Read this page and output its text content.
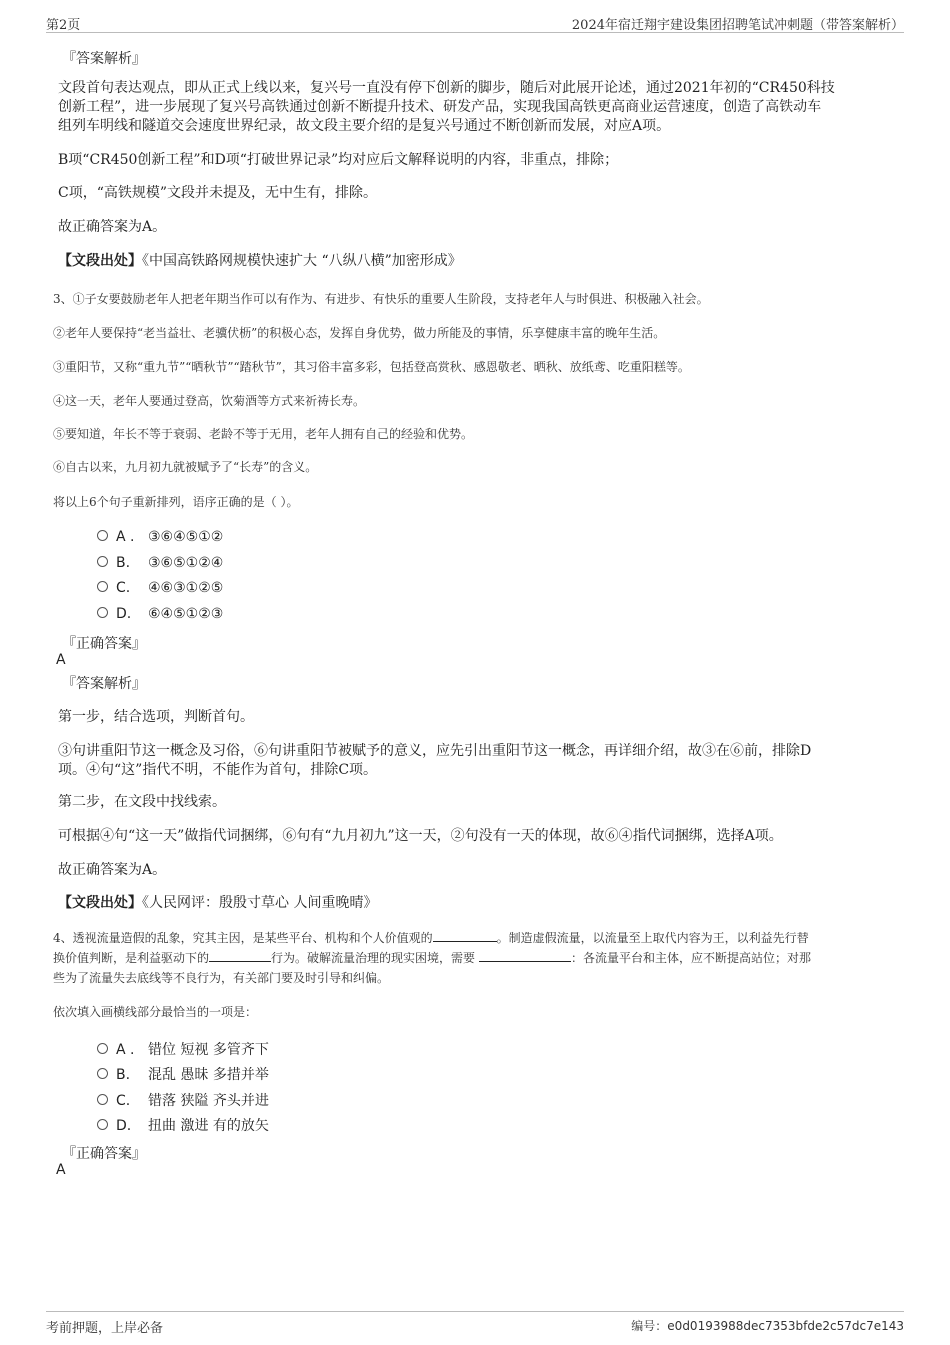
第2页	2024年宿迁翔宇建设集团招聘笔试冲刺题（带答案解析）
『答案解析』
文段首句表达观点，即从正式上线以来，复兴号一直没有停下创新的脚步，随后对此展开论述，通过2021年初的“CR450科技
创新工程”，进一步展现了复兴号高铁通过创新不断提升技术、研发产品，实现我国高铁更高商业运营速度，创造了高铁动车
组列车明线和隧道交会速度世界纪录，故文段主要介绍的是复兴号通过不断创新而发展，对应A项。
B项“CR450创新工程”和D项“打破世界记录”均对应后文解释说明的内容，非重点，排除；
C项，“高铁规模”文段并未提及，无中生有，排除。
故正确答案为A。
【文段出处】《中国高铁路网规模快速扩大 “八纵八横”加密形成》
3、①子女要鼓励老年人把老年期当作可以有作为、有进步、有快乐的重要人生阶段，支持老年人与时俱进、积极融入社会。
②老年人要保持“老当益壮、老骥伏枥”的积极心态，发挥自身优势，做力所能及的事情，乐享健康丰富的晚年生活。
③重阳节，又称“重九节”“晒秋节”“踏秋节”，其习俗丰富多彩，包括登高赏秋、感恩敬老、晒秋、放纸鸢、吃重阳糕等。
④这一天，老年人要通过登高，饮菊酒等方式来祈祷长寿。
⑤要知道，年长不等于衰弱、老龄不等于无用，老年人拥有自己的经验和优势。
⑥自古以来，九月初九就被赋予了“长寿”的含义。
将以上6个句子重新排列，语序正确的是（ ）。
A . ③⑥④⑤①②
B. ③⑥⑤①②④
C. ④⑥③①②⑤
D. ⑥④⑤①②③
『正确答案』
A
『答案解析』
第一步，结合选项，判断首句。
③句讲重阳节这一概念及习俗，⑥句讲重阳节被赋予的意义，应先引出重阳节这一概念，再详细介绍，故③在⑥前，排除D
项。④句“这”指代不明，不能作为首句，排除C项。
第二步，在文段中找线索。
可根据④句“这一天”做指代词捆绑，⑥句有“九月初九”这一天，②句没有一天的体现，故⑥④指代词捆绑，选择A项。
故正确答案为A。
【文段出处】《人民网评：殷殷寸草心 人间重晚晴》
4、透视流量造假的乱象，究其主因，是某些平台、机构和个人价值观的	。制造虚假流量，以流量至上取代内容为王，以利益先行替
换价值判断，是利益驱动下的	行为。破解流量治理的现实困境，需要	：各流量平台和主体，应不断提高站位；对那
些为了流量失去底线等不良行为，有关部门要及时引导和纠偏。
依次填入画横线部分最恰当的一项是：
A . 错位 短视 多管齐下
B. 混乱 愚昧 多措并举
C. 错落 狭隘 齐头并进
D. 扭曲 激进 有的放矢
『正确答案』
A
考前押题，上岸必备	编号：e0d0193988dec7353bfde2c57dc7e143
